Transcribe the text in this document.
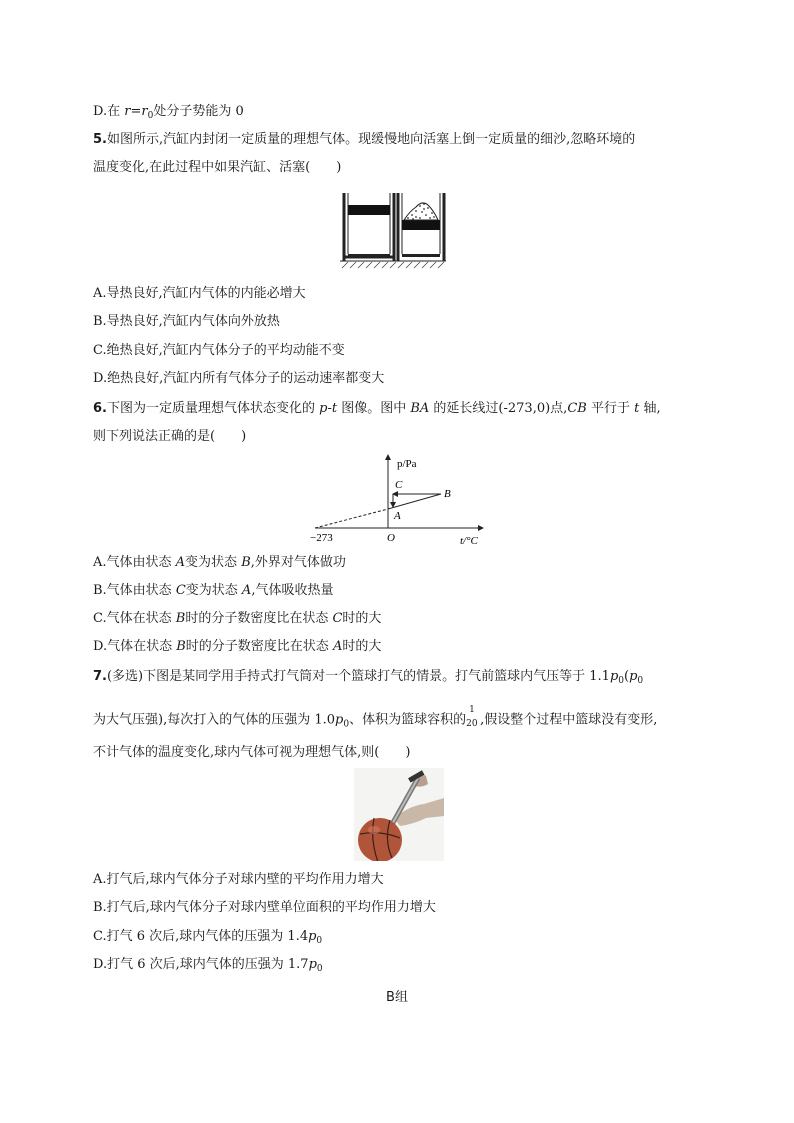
D.在 $r=r_0$处分子势能为 0
5.如图所示,汽缸内封闭一定质量的理想气体。现缓慢地向活塞上倒一定质量的细沙,忽略环境的
温度变化,在此过程中如果汽缸、活塞(　　)
A.导热良好,汽缸内气体的内能必增大
B.导热良好,汽缸内气体向外放热
C.绝热良好,汽缸内气体分子的平均动能不变
D.绝热良好,汽缸内所有气体分子的运动速率都变大
6.下图为一定质量理想气体状态变化的 p-t 图像。图中 BA 的延长线过(-273,0)点,CB 平行于 t 轴,
则下列说法正确的是(　　)
p/Pa
t/°C
O
−273
A
B
C
A.气体由状态 A变为状态 B,外界对气体做功
B.气体由状态 C变为状态 A,气体吸收热量
C.气体在状态 B时的分子数密度比在状态 C时的大
D.气体在状态 B时的分子数密度比在状态 A时的大
7.(多选)下图是某同学用手持式打气筒对一个篮球打气的情景。打气前篮球内气压等于 $1.1p_0(p_0$
为大气压强),每次打入的气体的压强为 $1.0p_0$、体积为篮球容积的
1
20 ,假设整个过程中篮球没有变形,
不计气体的温度变化,球内气体可视为理想气体,则(　　)
A.打气后,球内气体分子对球内壁的平均作用力增大
B.打气后,球内气体分子对球内壁单位面积的平均作用力增大
C.打气 6 次后,球内气体的压强为 $1.4p_0$
D.打气 6 次后,球内气体的压强为 $1.7p_0$
B组
